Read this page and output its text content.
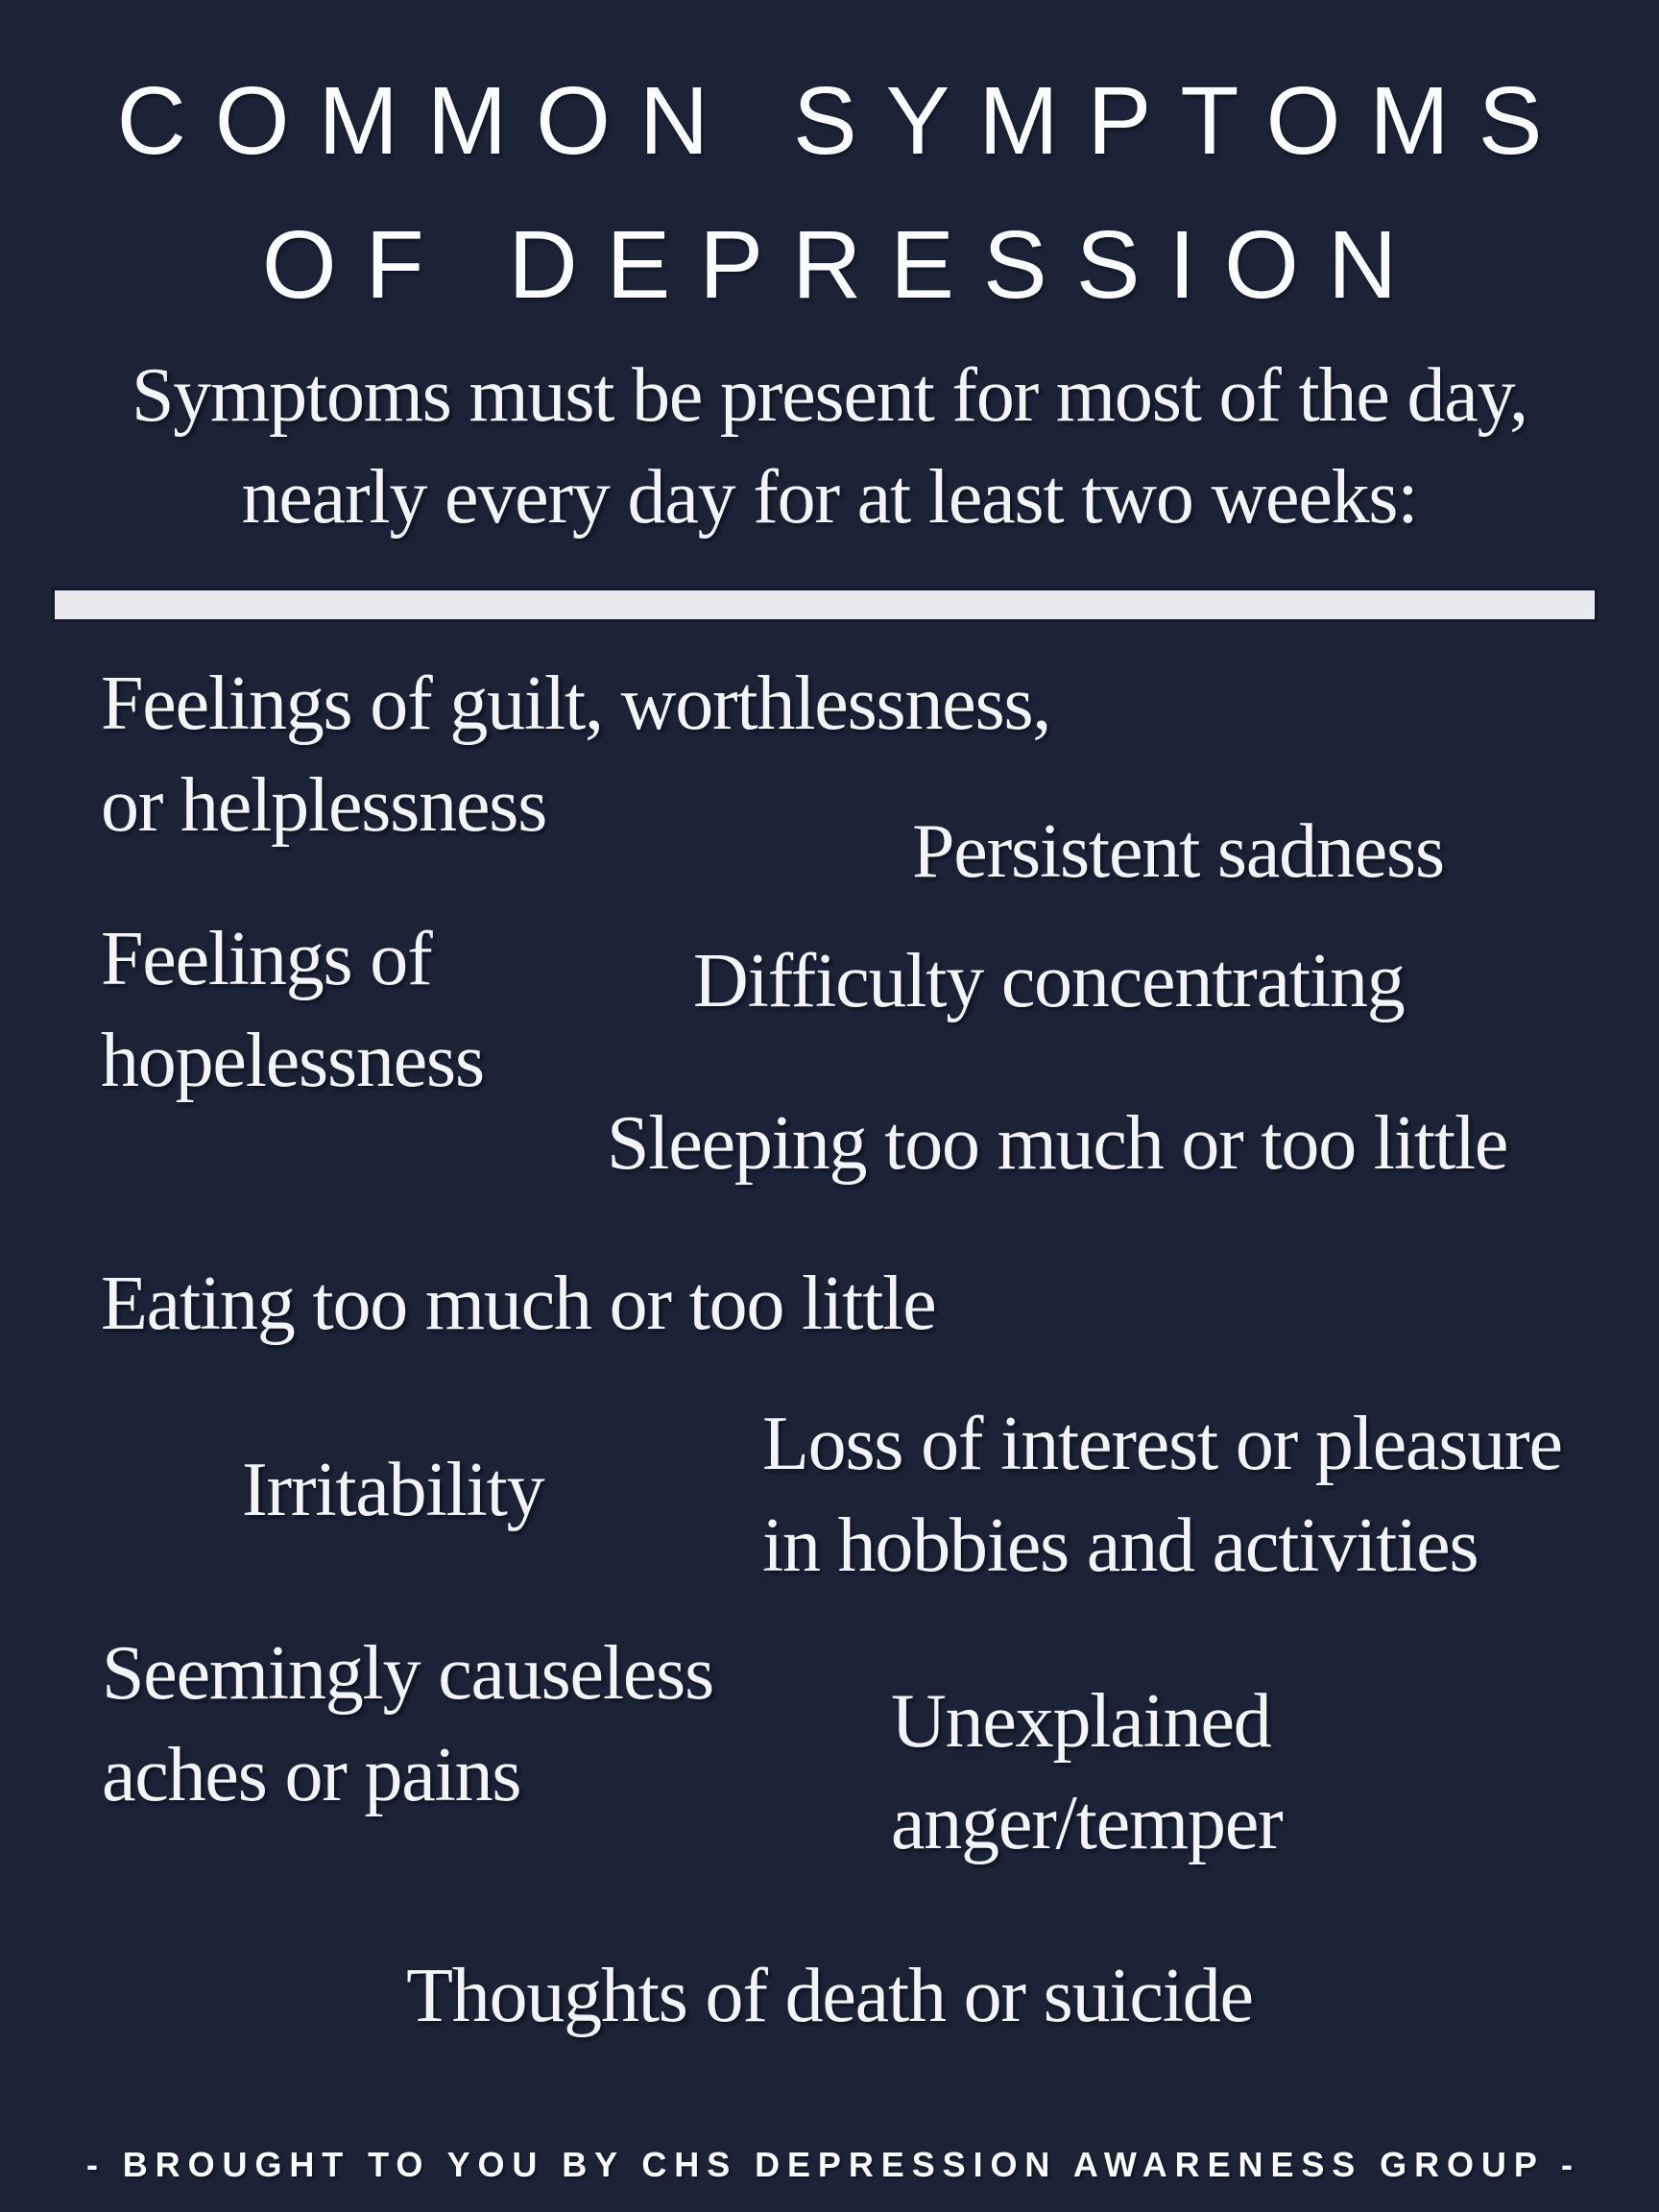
COMMON SYMPTOMS
OF DEPRESSION

Symptoms must be present for most of the day,
nearly every day for at least two weeks:

Feelings of guilt, worthlessness,
or helplessness

Persistent sadness

Feelings of
hopelessness

Difficulty concentrating

Sleeping too much or too little

Eating too much or too little

Irritability

Loss of interest or pleasure
in hobbies and activities

Seemingly causeless
aches or pains

Unexplained
anger/temper

Thoughts of death or suicide

- BROUGHT TO YOU BY CHS DEPRESSION AWARENESS GROUP -
